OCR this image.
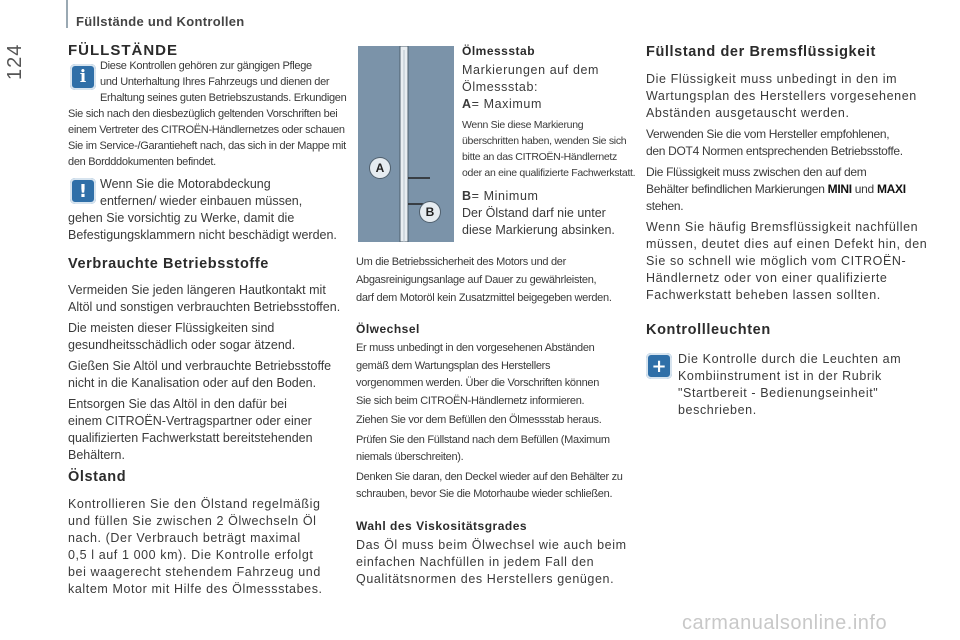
124
Füllstände und Kontrollen
FÜLLSTÄNDE
i
Diese Kontrollen gehören zur gängigen Pflege
und Unterhaltung Ihres Fahrzeugs und dienen der
Erhaltung seines guten Betriebszustands. Erkundigen
Sie sich nach den diesbezüglich geltenden Vorschriften bei
einem Vertreter des CITROËN-Händlernetzes oder schauen
Sie im Service-/Garantieheft nach, das sich in der Mappe mit
den Bordddokumenten befindet.
!	Wenn Sie die Motorabdeckung
entfernen/ wieder einbauen müssen,
gehen Sie vorsichtig zu Werke, damit die
Befestigungsklammern nicht beschädigt werden.
Verbrauchte Betriebsstoffe
Vermeiden Sie jeden längeren Hautkontakt mit
Altöl und sonstigen verbrauchten Betriebsstoffen.
Die meisten dieser Flüssigkeiten sind
gesundheitsschädlich oder sogar ätzend.
Gießen Sie Altöl und verbrauchte Betriebsstoffe
nicht in die Kanalisation oder auf den Boden.
Entsorgen Sie das Altöl in den dafür bei
einem CITROËN-Vertragspartner oder einer
qualifizierten Fachwerkstatt bereitstehenden
Behältern.
Ölstand
Kontrollieren Sie den Ölstand regelmäßig
und füllen Sie zwischen 2 Ölwechseln Öl
nach. (Der Verbrauch beträgt maximal
0,5 l auf 1 000 km). Die Kontrolle erfolgt
bei waagerecht stehendem Fahrzeug und
kaltem Motor mit Hilfe des Ölmessstabes.
A
B
Ölmessstab
Markierungen auf dem
Ölmessstab:
A= Maximum
Wenn Sie diese Markierung
überschritten haben, wenden Sie sich
bitte an das CITROËN-Händlernetz
oder an eine qualifizierte Fachwerkstatt.
B= Minimum
Der Ölstand darf nie unter
diese Markierung absinken.
Um die Betriebssicherheit des Motors und der
Abgasreinigungsanlage auf Dauer zu gewährleisten,
darf dem Motoröl kein Zusatzmittel beigegeben werden.
Ölwechsel
Er muss unbedingt in den vorgesehenen Abständen
gemäß dem Wartungsplan des Herstellers
vorgenommen werden. Über die Vorschriften können
Sie sich beim CITROËN-Händlernetz informieren.
Ziehen Sie vor dem Befüllen den Ölmessstab heraus.
Prüfen Sie den Füllstand nach dem Befüllen (Maximum
niemals überschreiten).
Denken Sie daran, den Deckel wieder auf den Behälter zu
schrauben, bevor Sie die Motorhaube wieder schließen.
Wahl des Viskositätsgrades
Das Öl muss beim Ölwechsel wie auch beim
einfachen Nachfüllen in jedem Fall den
Qualitätsnormen des Herstellers genügen.
Füllstand der Bremsflüssigkeit
Die Flüssigkeit muss unbedingt in den im
Wartungsplan des Herstellers vorgesehenen
Abständen ausgetauscht werden.
Verwenden Sie die vom Hersteller empfohlenen,
den DOT4 Normen entsprechenden Betriebsstoffe.
Die Flüssigkeit muss zwischen den auf dem
Behälter befindlichen Markierungen MINI und MAXI
stehen.
Wenn Sie häufig Bremsflüssigkeit nachfüllen
müssen, deutet dies auf einen Defekt hin, den
Sie so schnell wie möglich vom CITROËN-
Händlernetz oder von einer qualifizierte
Fachwerkstatt beheben lassen sollten.
Kontrollleuchten
+ Die Kontrolle durch die Leuchten am
Kombiinstrument ist in der Rubrik
"Startbereit - Bedienungseinheit"
beschrieben.
carmanualsonline.info
